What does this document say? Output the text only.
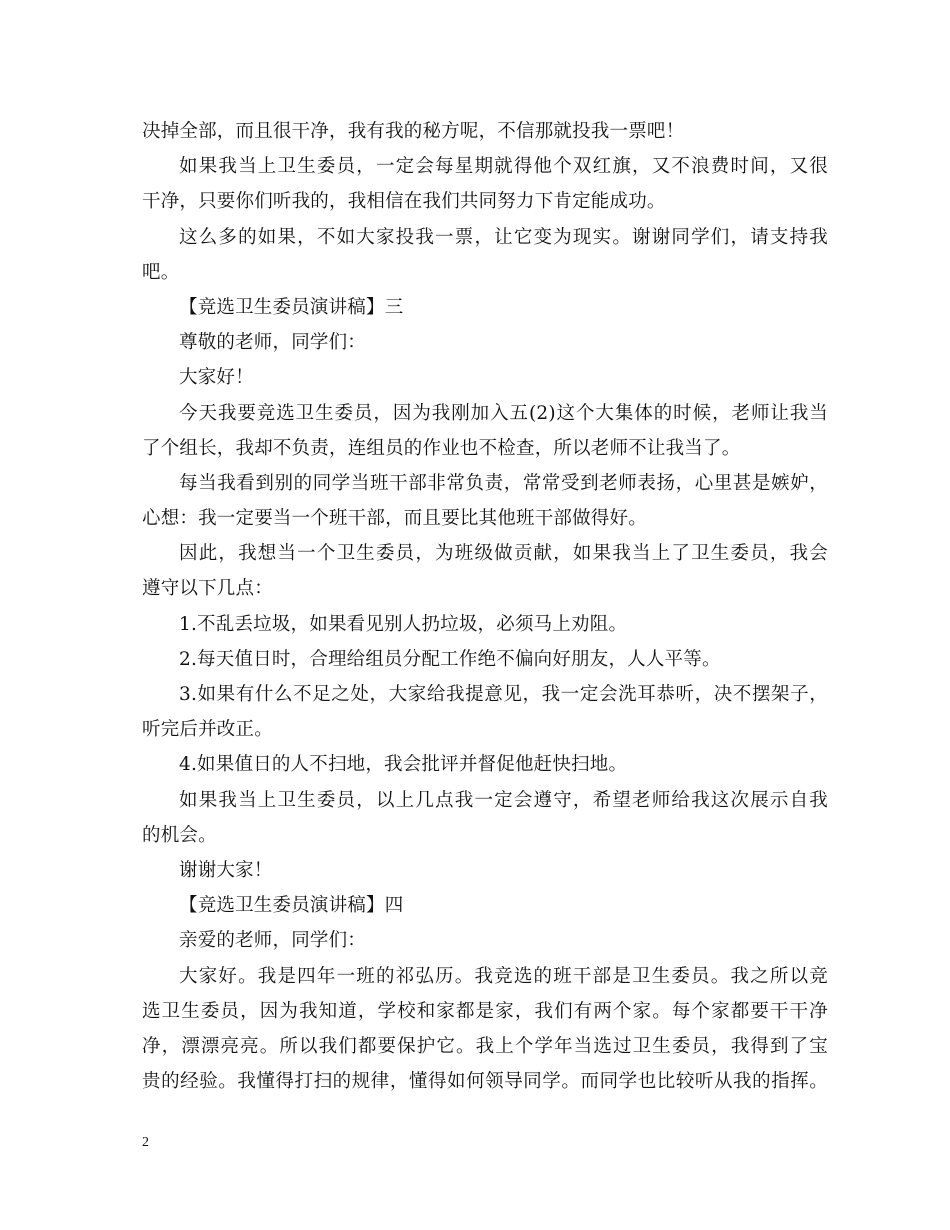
决掉全部，而且很干净，我有我的秘方呢，不信那就投我一票吧！
如果我当上卫生委员，一定会每星期就得他个双红旗，又不浪费时间，又很
干净，只要你们听我的，我相信在我们共同努力下肯定能成功。
这么多的如果，不如大家投我一票，让它变为现实。谢谢同学们，请支持我
吧。
【竞选卫生委员演讲稿】三
尊敬的老师，同学们：
大家好！
今天我要竞选卫生委员，因为我刚加入五(2)这个大集体的时候，老师让我当
了个组长，我却不负责，连组员的作业也不检查，所以老师不让我当了。
每当我看到别的同学当班干部非常负责，常常受到老师表扬，心里甚是嫉妒，
心想：我一定要当一个班干部，而且要比其他班干部做得好。
因此，我想当一个卫生委员，为班级做贡献，如果我当上了卫生委员，我会
遵守以下几点：
1.不乱丢垃圾，如果看见别人扔垃圾，必须马上劝阻。
2.每天值日时，合理给组员分配工作绝不偏向好朋友，人人平等。
3.如果有什么不足之处，大家给我提意见，我一定会洗耳恭听，决不摆架子，
听完后并改正。
4.如果值日的人不扫地，我会批评并督促他赶快扫地。
如果我当上卫生委员，以上几点我一定会遵守，希望老师给我这次展示自我
的机会。
谢谢大家！
【竞选卫生委员演讲稿】四
亲爱的老师，同学们：
大家好。我是四年一班的祁弘历。我竞选的班干部是卫生委员。我之所以竞
选卫生委员，因为我知道，学校和家都是家，我们有两个家。每个家都要干干净
净，漂漂亮亮。所以我们都要保护它。我上个学年当选过卫生委员，我得到了宝
贵的经验。我懂得打扫的规律，懂得如何领导同学。而同学也比较听从我的指挥。
2
